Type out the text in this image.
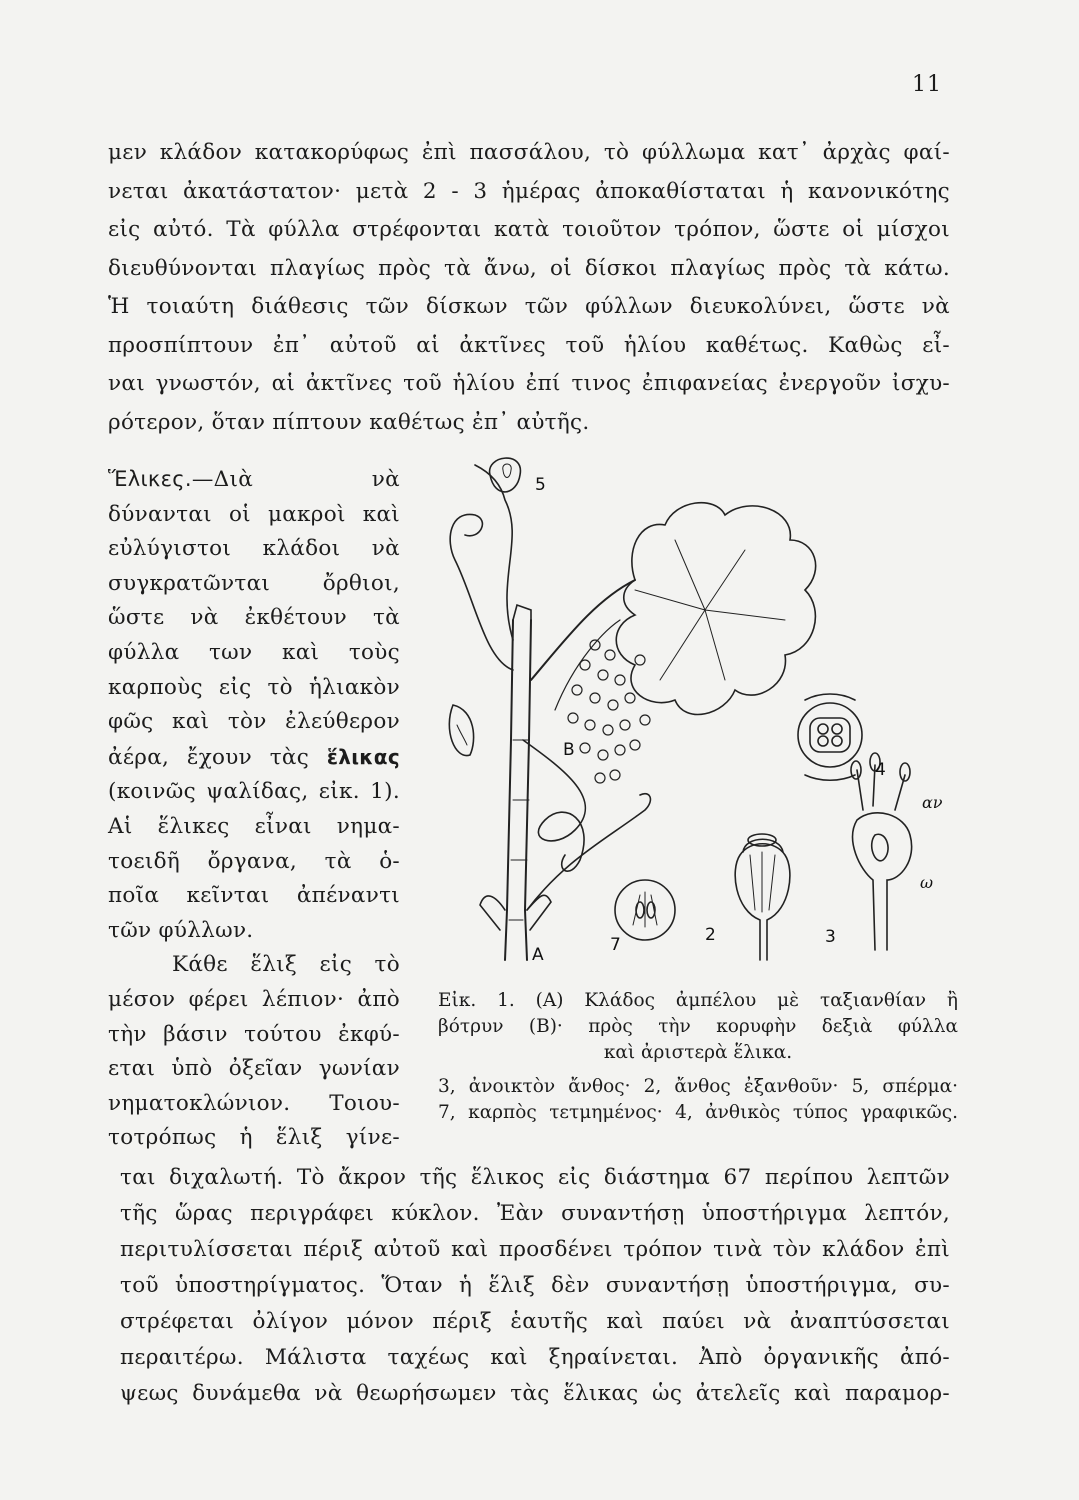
11

μεν κλάδον κατακορύφως ἐπὶ πασσάλου, τὸ φύλλωμα κατ᾽ ἀρχὰς φαί-
νεται ἀκατάστατον· μετὰ 2 - 3 ἡμέρας ἀποκαθίσταται ἡ κανονικότης
εἰς αὐτό. Τὰ φύλλα στρέφονται κατὰ τοιοῦτον τρόπον, ὥστε οἱ μίσχοι
διευθύνονται πλαγίως πρὸς τὰ ἄνω, οἱ δίσκοι πλαγίως πρὸς τὰ κάτω.
Ἡ τοιαύτη διάθεσις τῶν δίσκων τῶν φύλλων διευκολύνει, ὥστε νὰ
προσπίπτουν ἐπ᾽ αὐτοῦ αἱ ἀκτῖνες τοῦ ἡλίου καθέτως. Καθὼς εἶ-
ναι γνωστόν, αἱ ἀκτῖνες τοῦ ἡλίου ἐπί τινος ἐπιφανείας ἐνεργοῦν ἰσχυ-
ρότερον, ὅταν πίπτουν καθέτως ἐπ᾽ αὐτῆς.

Ἕλικες.—Διὰ νὰ
δύνανται οἱ μακροὶ καὶ
εὐλύγιστοι κλάδοι νὰ
συγκρατῶνται ὄρθιοι,
ὥστε νὰ ἐκθέτουν τὰ
φύλλα των καὶ τοὺς
καρποὺς εἰς τὸ ἡλιακὸν
φῶς καὶ τὸν ἐλεύθερον
ἀέρα, ἔχουν τὰς ἕλικας
(κοινῶς ψαλίδας, εἰκ. 1).
Αἱ ἕλικες εἶναι νημα-
τοειδῆ ὄργανα, τὰ ὁ-
ποῖα κεῖνται ἀπέναντι
τῶν φύλλων.
Κάθε ἕλιξ εἰς τὸ
μέσον φέρει λέπιον· ἀπὸ
τὴν βάσιν τούτου ἐκφύ-
εται ὑπὸ ὀξεῖαν γωνίαν
νηματοκλώνιον. Τοιου-
τοτρόπως ἡ ἕλιξ γίνε-

5
B
A
4
7	2	3
αν
ω

Εἰκ. 1. (Α) Κλάδος ἀμπέλου μὲ ταξιανθίαν ἢ
βότρυν (Β)· πρὸς τὴν κορυφὴν δεξιὰ φύλλα
καὶ ἀριστερὰ ἕλικα.
3, ἀνοικτὸν ἄνθος· 2, ἄνθος ἐξανθοῦν· 5, σπέρμα·
7, καρπὸς τετμημένος· 4, ἀνθικὸς τύπος γραφικῶς.

ται διχαλωτή. Τὸ ἄκρον τῆς ἕλικος εἰς διάστημα 67 περίπου λεπτῶν
τῆς ὥρας περιγράφει κύκλον. Ἐὰν συναντήσῃ ὑποστήριγμα λεπτόν,
περιτυλίσσεται πέριξ αὐτοῦ καὶ προσδένει τρόπον τινὰ τὸν κλάδον ἐπὶ
τοῦ ὑποστηρίγματος. Ὅταν ἡ ἕλιξ δὲν συναντήσῃ ὑποστήριγμα, συ-
στρέφεται ὀλίγον μόνον πέριξ ἑαυτῆς καὶ παύει νὰ ἀναπτύσσεται
περαιτέρω. Μάλιστα ταχέως καὶ ξηραίνεται. Ἀπὸ ὀργανικῆς ἀπό-
ψεως δυνάμεθα νὰ θεωρήσωμεν τὰς ἕλικας ὡς ἀτελεῖς καὶ παραμορ-
